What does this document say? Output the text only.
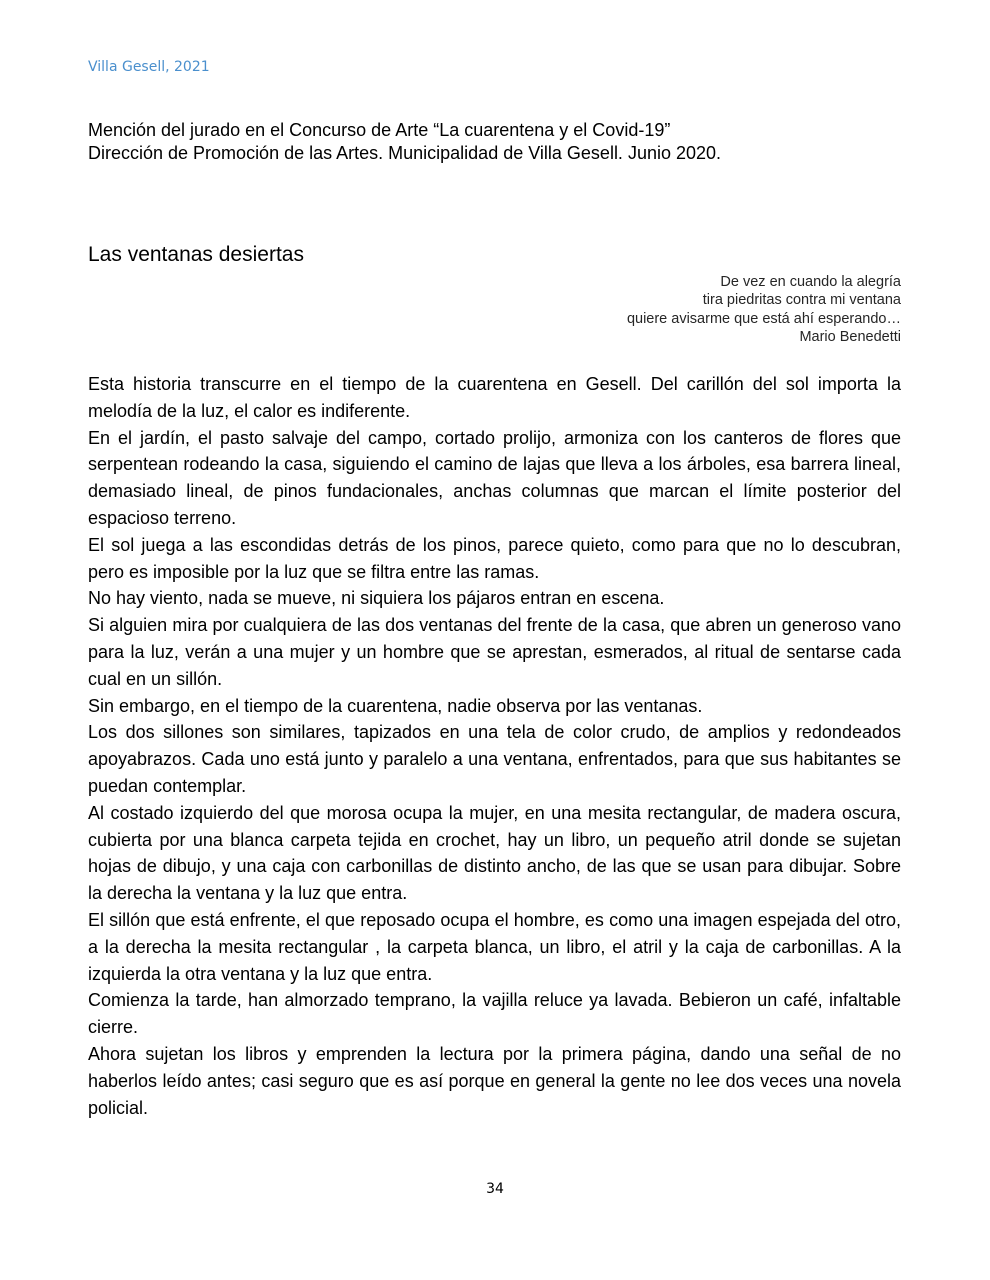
Villa Gesell, 2021
Mención del jurado en el Concurso de Arte “La cuarentena y el Covid-19”
Dirección de Promoción de las Artes. Municipalidad de Villa Gesell. Junio 2020.
Las ventanas desiertas
De vez en cuando la alegría
tira piedritas contra mi ventana
quiere avisarme que está ahí esperando…
Mario Benedetti

Esta historia transcurre en el tiempo de la cuarentena en Gesell. Del carillón del sol importa la melodía de la luz, el calor es indiferente.

En el jardín, el pasto salvaje del campo, cortado prolijo, armoniza con los canteros de flores que serpentean rodeando la casa, siguiendo el camino de lajas que lleva a los árboles, esa barrera lineal, demasiado lineal, de pinos fundacionales, anchas columnas que marcan el límite posterior del espacioso terreno.

El sol juega a las escondidas detrás de los pinos, parece quieto, como para que no lo descubran, pero es imposible por la luz que se filtra entre las ramas.

No hay viento, nada se mueve, ni siquiera los pájaros entran en escena.

Si alguien mira por cualquiera de las dos ventanas del frente de la casa, que abren un generoso vano para la luz, verán a una mujer y un hombre que se aprestan, esmerados, al ritual de sentarse cada cual en un sillón.

Sin embargo, en el tiempo de la cuarentena, nadie observa por las ventanas.

Los dos sillones son similares, tapizados en una tela de color crudo, de amplios y redondeados apoyabrazos. Cada uno está junto y paralelo a una ventana, enfrentados, para que sus habitantes se puedan contemplar.

Al costado izquierdo del que morosa ocupa la mujer, en una mesita rectangular, de madera oscura, cubierta por una blanca carpeta tejida en crochet, hay un libro, un pequeño atril donde se sujetan hojas de dibujo, y una caja con carbonillas de distinto ancho, de las que se usan para dibujar. Sobre la derecha la ventana y la luz que entra.

El sillón que está enfrente, el que reposado ocupa el hombre, es como una imagen espejada del otro, a la derecha la mesita rectangular , la carpeta blanca, un libro, el atril y la caja de carbonillas. A la izquierda la otra ventana y la luz que entra.

Comienza la tarde, han almorzado temprano, la vajilla reluce ya lavada. Bebieron un café, infaltable cierre.

Ahora sujetan los libros y emprenden la lectura por la primera página, dando una señal de no haberlos leído antes; casi seguro que es así porque en general la gente no lee dos veces una novela policial.

34
